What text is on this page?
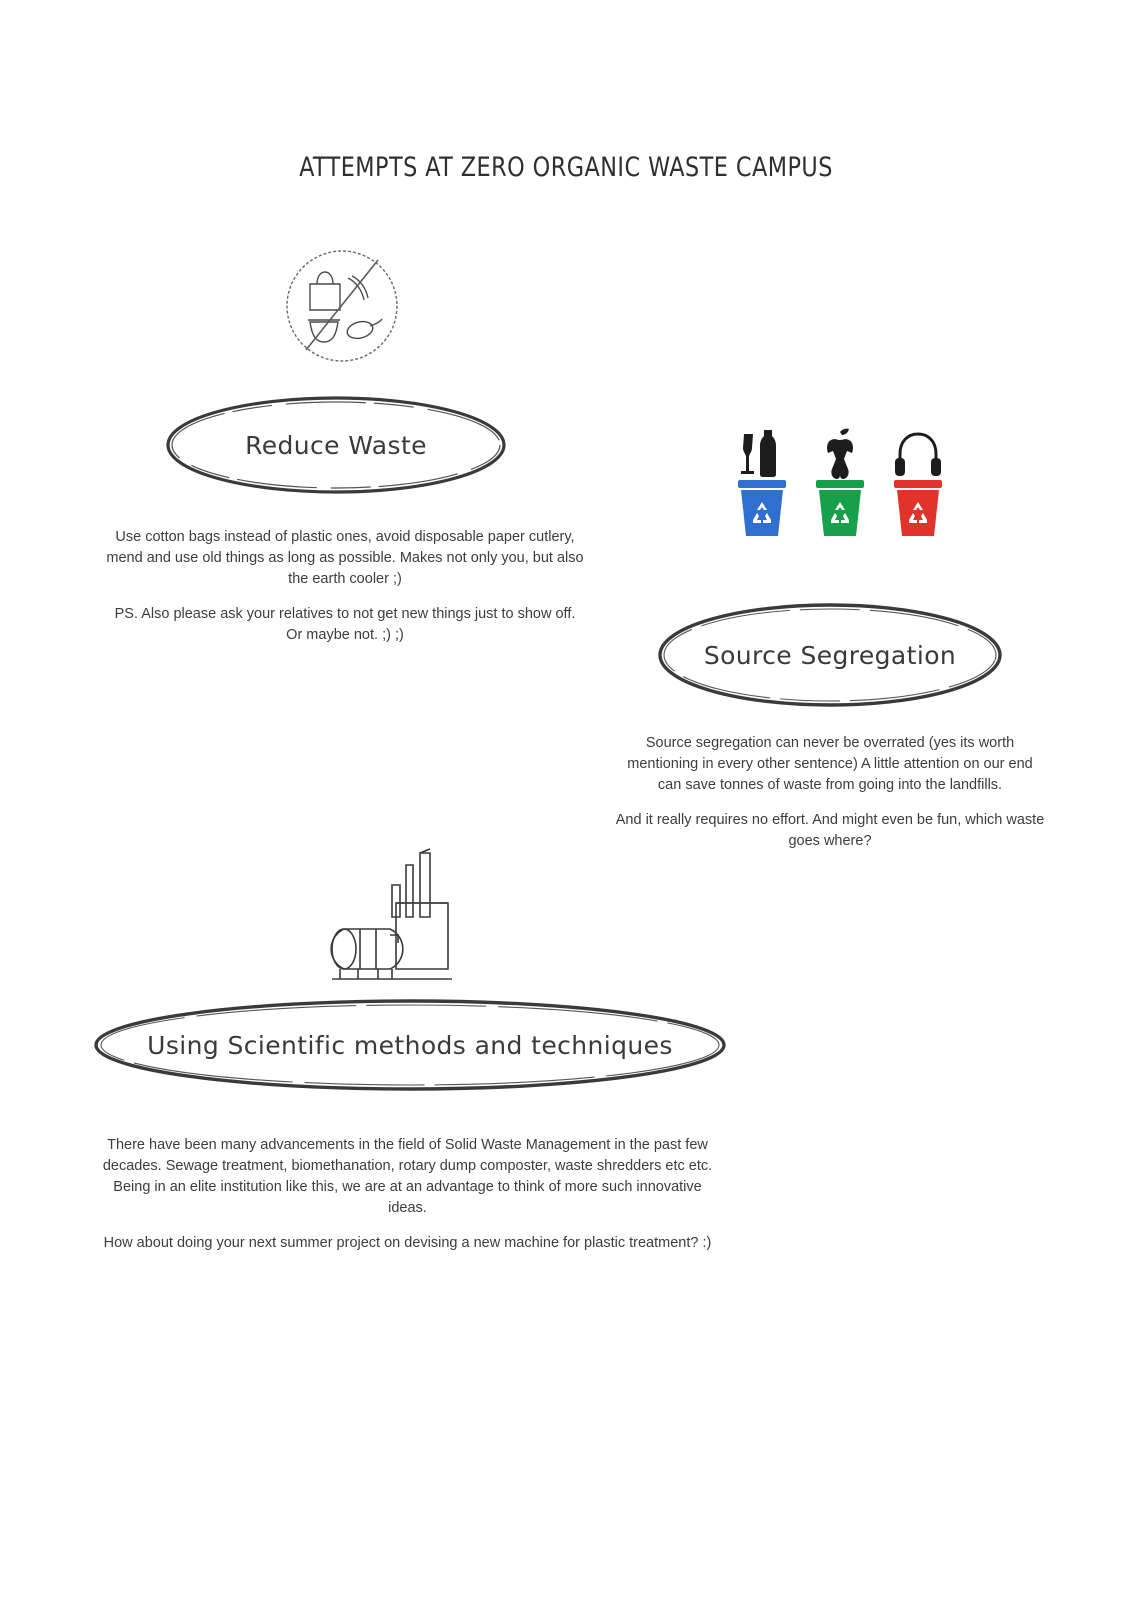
ATTEMPTS AT ZERO ORGANIC WASTE CAMPUS
Reduce Waste

Use cotton bags instead of plastic ones, avoid disposable paper cutlery, mend and use old things as long as possible. Makes not only you, but also the earth cooler ;)

PS. Also please ask your relatives to not get new things just to show off. Or maybe not. ;) ;)

Source Segregation

Source segregation can never be overrated (yes its worth mentioning in every other sentence) A little attention on our end can save tonnes of waste from going into the landfills.

And it really requires no effort. And might even be fun, which waste goes where?

Using Scientific methods and techniques

There have been many advancements in the field of Solid Waste Management in the past few decades. Sewage treatment, biomethanation, rotary dump composter, waste shredders etc etc. Being in an elite institution like this, we are at an advantage to think of more such innovative ideas.

How about doing your next summer project on devising a new machine for plastic treatment? :)
